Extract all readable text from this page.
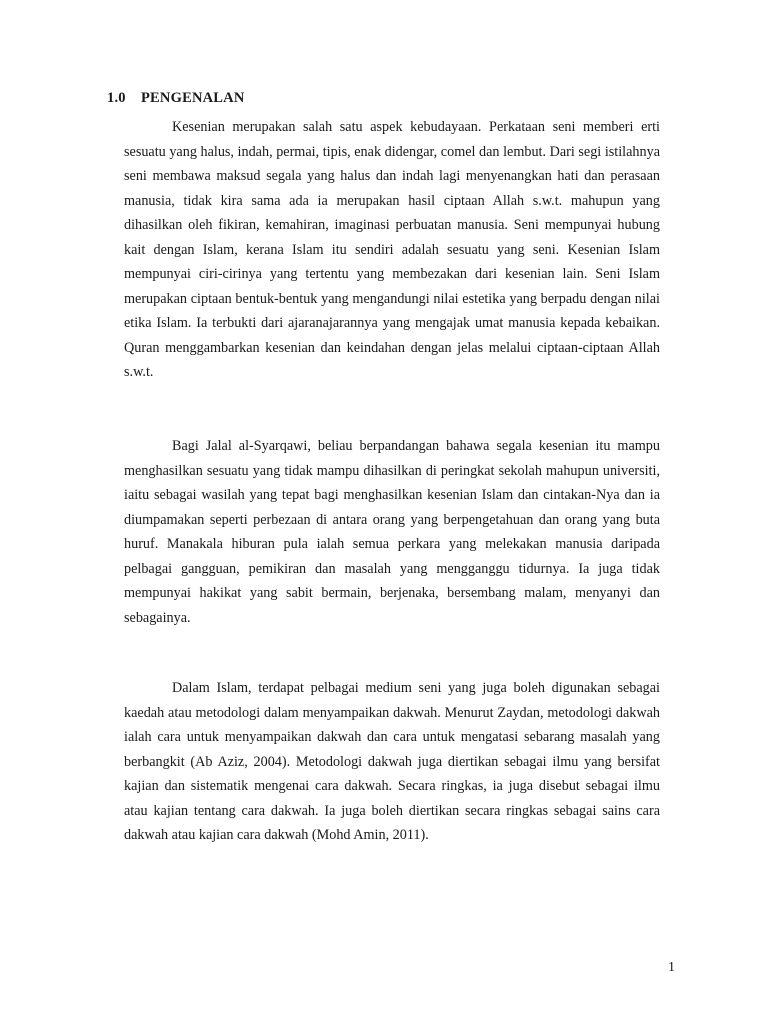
1.0 PENGENALAN

Kesenian merupakan salah satu aspek kebudayaan. Perkataan seni memberi erti sesuatu yang halus, indah, permai, tipis, enak didengar, comel dan lembut. Dari segi istilahnya seni membawa maksud segala yang halus dan indah lagi menyenangkan hati dan perasaan manusia, tidak kira sama ada ia merupakan hasil ciptaan Allah s.w.t. mahupun yang dihasilkan oleh fikiran, kemahiran, imaginasi perbuatan manusia. Seni mempunyai hubung kait dengan Islam, kerana Islam itu sendiri adalah sesuatu yang seni. Kesenian Islam mempunyai ciri-cirinya yang tertentu yang membezakan dari kesenian lain. Seni Islam merupakan ciptaan bentuk-bentuk yang mengandungi nilai estetika yang berpadu dengan nilai etika Islam. Ia terbukti dari ajaranajarannya yang mengajak umat manusia kepada kebaikan. Quran menggambarkan kesenian dan keindahan dengan jelas melalui ciptaan-ciptaan Allah s.w.t.

Bagi Jalal al-Syarqawi, beliau berpandangan bahawa segala kesenian itu mampu menghasilkan sesuatu yang tidak mampu dihasilkan di peringkat sekolah mahupun universiti, iaitu sebagai wasilah yang tepat bagi menghasilkan kesenian Islam dan cintakan-Nya dan ia diumpamakan seperti perbezaan di antara orang yang berpengetahuan dan orang yang buta huruf. Manakala hiburan pula ialah semua perkara yang melekakan manusia daripada pelbagai gangguan, pemikiran dan masalah yang mengganggu tidurnya. Ia juga tidak mempunyai hakikat yang sabit bermain, berjenaka, bersembang malam, menyanyi dan sebagainya.

Dalam Islam, terdapat pelbagai medium seni yang juga boleh digunakan sebagai kaedah atau metodologi dalam menyampaikan dakwah. Menurut Zaydan, metodologi dakwah ialah cara untuk menyampaikan dakwah dan cara untuk mengatasi sebarang masalah yang berbangkit (Ab Aziz, 2004). Metodologi dakwah juga diertikan sebagai ilmu yang bersifat kajian dan sistematik mengenai cara dakwah. Secara ringkas, ia juga disebut sebagai ilmu atau kajian tentang cara dakwah. Ia juga boleh diertikan secara ringkas sebagai sains cara dakwah atau kajian cara dakwah (Mohd Amin, 2011).

1
